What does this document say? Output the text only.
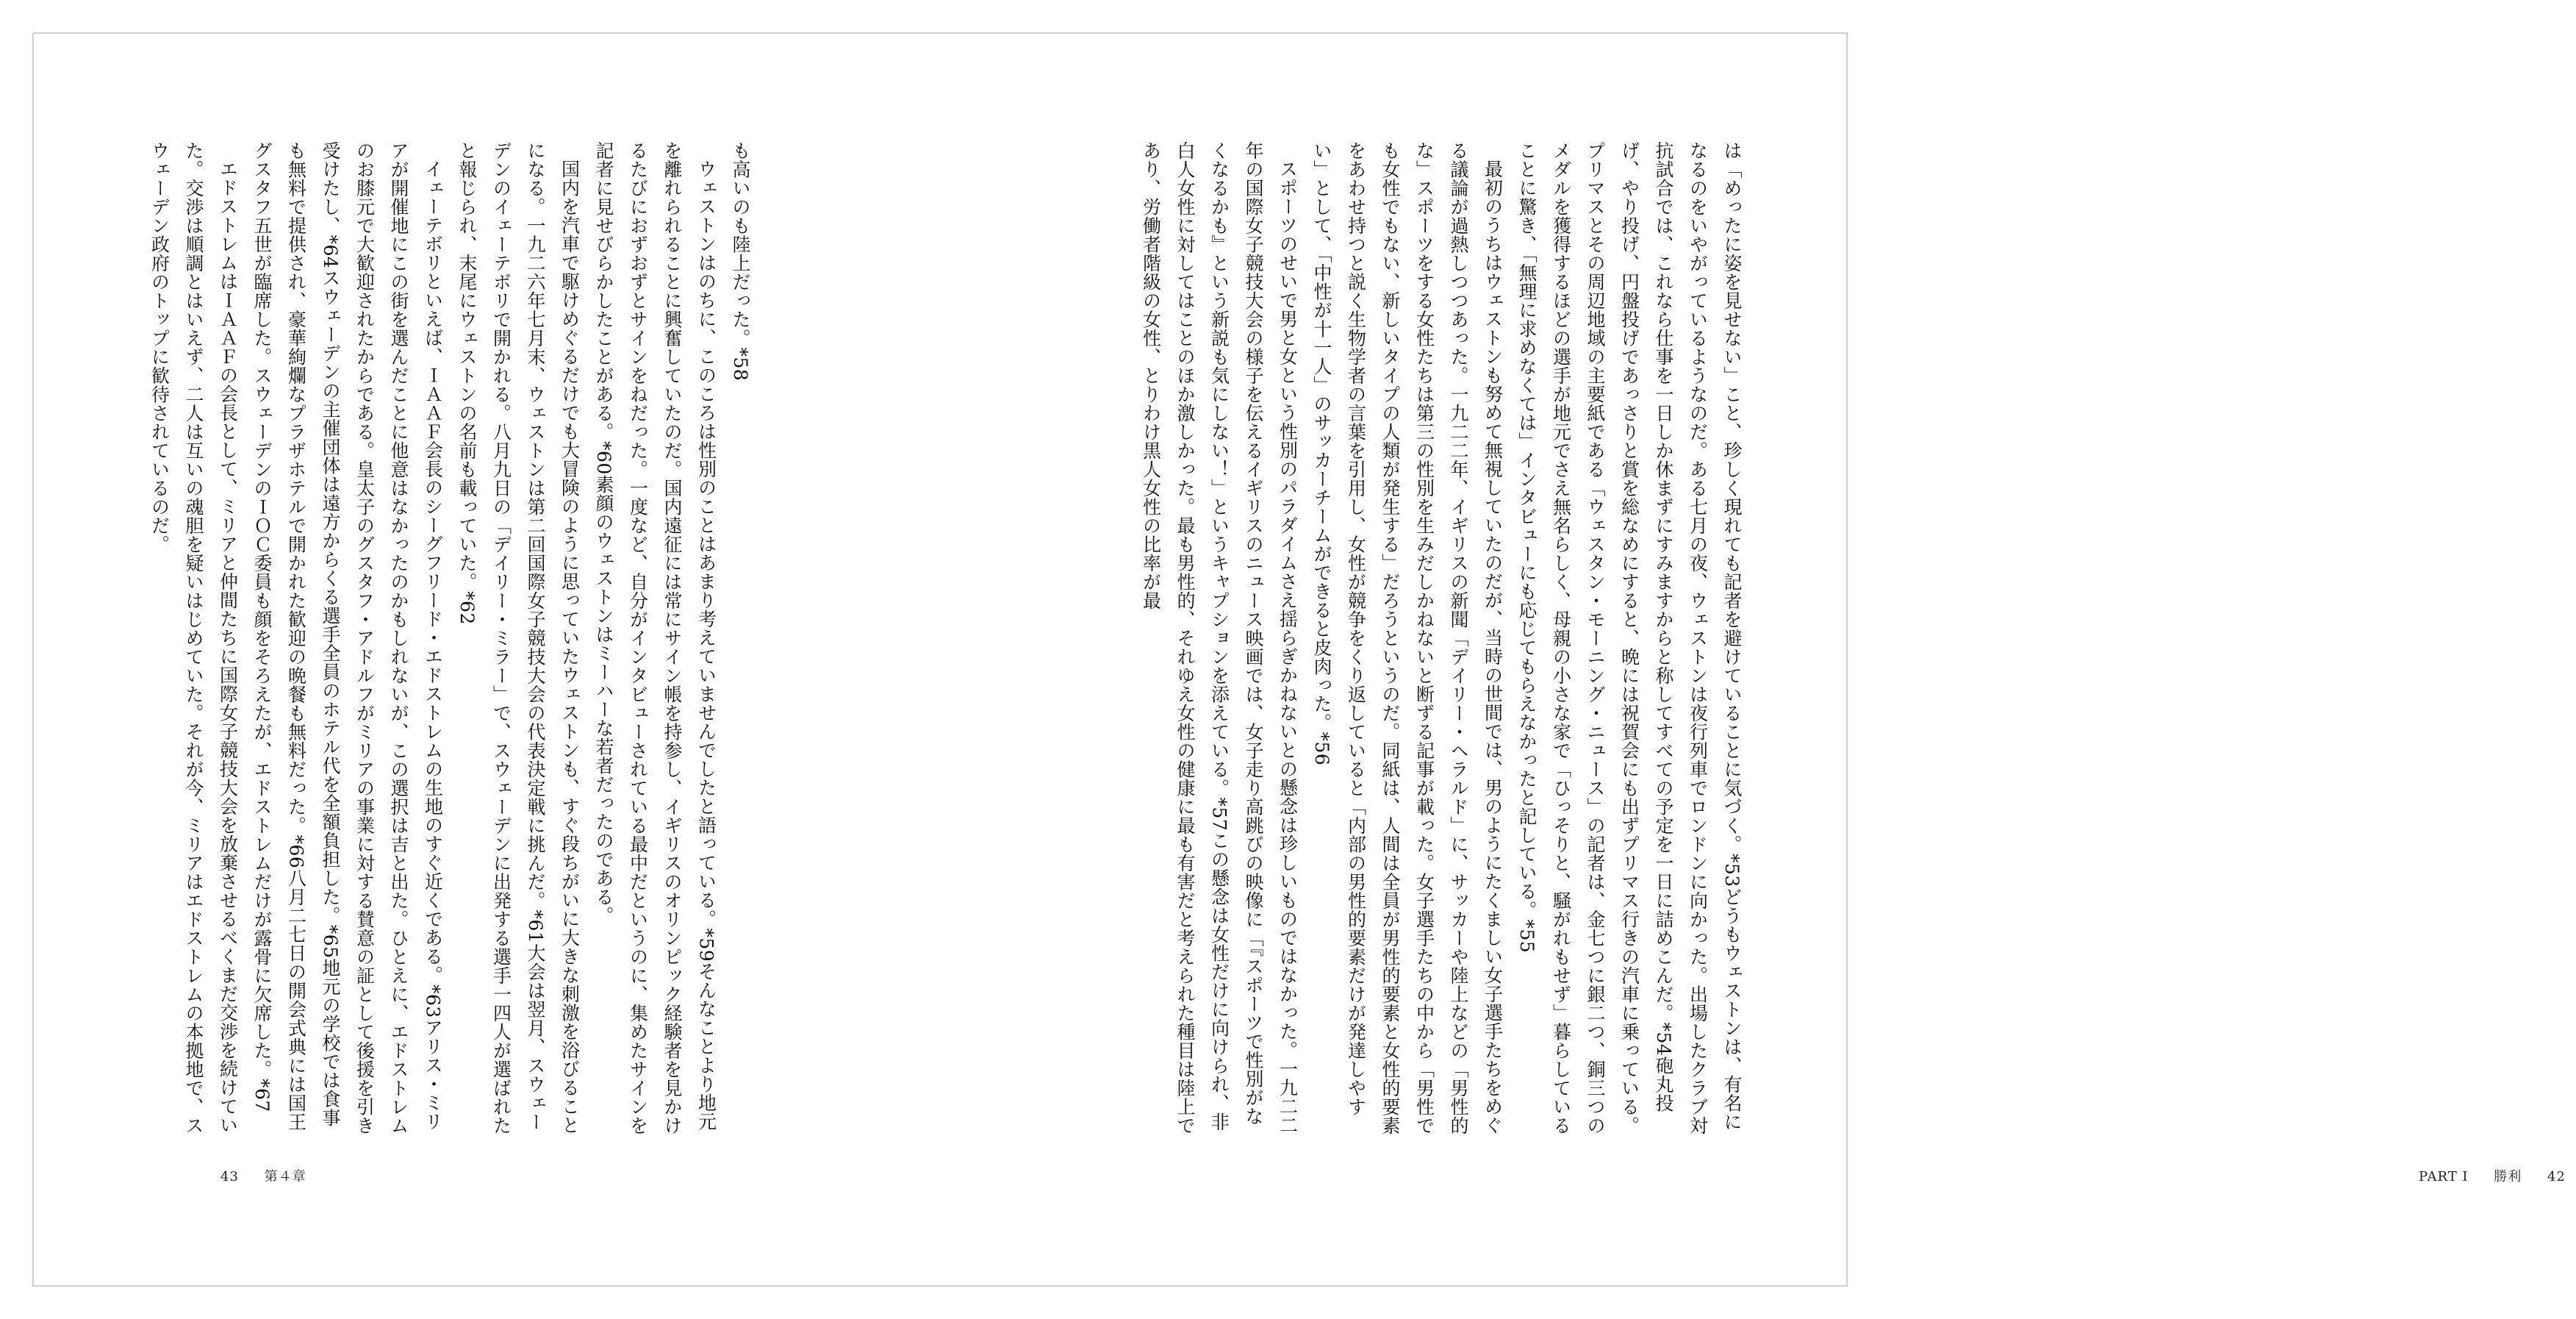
も高いのも陸上だった。*58

ウェストンはのちに、このころは性別のことはあまり考えていませんでしたと語っている。*59そんなことより地元を離れられることに興奮していたのだ。国内遠征には常にサイン帳を持参し、イギリスのオリンピック経験者を見かけるたびにおずおずとサインをねだった。一度など、自分がインタビューされている最中だというのに、集めたサインを記者に見せびらかしたことがある。*60素顔のウェストンはミーハーな若者だったのである。

国内を汽車で駆けめぐるだけでも大冒険のように思っていたウェストンも、すぐ段ちがいに大きな刺激を浴びることになる。一九二六年七月末、ウェストンは第二回国際女子競技大会の代表決定戦に挑んだ。*61大会は翌月、スウェーデンのイェーテボリで開かれる。八月九日の「デイリー・ミラー」で、スウェーデンに出発する選手一四人が選ばれたと報じられ、末尾にウェストンの名前も載っていた。*62

イェーテボリといえば、ＩＡＡＦ会長のシーグフリード・エドストレムの生地のすぐ近くである。*63アリス・ミリアが開催地にこの街を選んだことに他意はなかったのかもしれないが、この選択は吉と出た。ひとえに、エドストレムのお膝元で大歓迎されたからである。皇太子のグスタフ・アドルフがミリアの事業に対する賛意の証として後援を引き受けたし、*64スウェーデンの主催団体は遠方からくる選手全員のホテル代を全額負担した。*65地元の学校では食事も無料で提供され、豪華絢爛なプラザホテルで開かれた歓迎の晩餐も無料だった。*66八月二七日の開会式典には国王グスタフ五世が臨席した。スウェーデンのＩＯＣ委員も顔をそろえたが、エドストレムだけが露骨に欠席した。*67

エドストレムはＩＡＡＦの会長として、ミリアと仲間たちに国際女子競技大会を放棄させるべくまだ交渉を続けていた。交渉は順調とはいえず、二人は互いの魂胆を疑いはじめていた。それが今、ミリアはエドストレムの本拠地で、スウェーデン政府のトップに歓待されているのだ。

43 第４章

は「めったに姿を見せない」こと、珍しく現れても記者を避けていることに気づく。*53どうもウェストンは、有名になるのをいやがっているようなのだ。ある七月の夜、ウェストンは夜行列車でロンドンに向かった。出場したクラブ対抗試合では、これなら仕事を一日しか休まずにすみますからと称してすべての予定を一日に詰めこんだ。*54砲丸投げ、やり投げ、円盤投げであっさりと賞を総なめにすると、晩には祝賀会にも出ずプリマス行きの汽車に乗っている。プリマスとその周辺地域の主要紙である「ウェスタン・モーニング・ニュース」の記者は、金七つに銀二つ、銅三つのメダルを獲得するほどの選手が地元でさえ無名らしく、母親の小さな家で「ひっそりと、騒がれもせず」暮らしていることに驚き、「無理に求めなくては」インタビューにも応じてもらえなかったと記している。*55

最初のうちはウェストンも努めて無視していたのだが、当時の世間では、男のようにたくましい女子選手たちをめぐる議論が過熱しつつあった。一九二二年、イギリスの新聞「デイリー・ヘラルド」に、サッカーや陸上などの「男性的な」スポーツをする女性たちは第三の性別を生みだしかねないと断ずる記事が載った。女子選手たちの中から「男性でも女性でもない、新しいタイプの人類が発生する」だろうというのだ。同紙は、人間は全員が男性的要素と女性的要素をあわせ持つと説く生物学者の言葉を引用し、女性が競争をくり返していると「内部の男性的要素だけが発達しやすい」として、「中性が十一人」のサッカーチームができると皮肉った。*56

スポーツのせいで男と女という性別のパラダイムさえ揺らぎかねないとの懸念は珍しいものではなかった。一九二二年の国際女子競技大会の様子を伝えるイギリスのニュース映画では、女子走り高跳びの映像に「『スポーツで性別がなくなるかも』という新説も気にしない！」というキャプションを添えている。*57この懸念は女性だけに向けられ、非白人女性に対してはことのほか激しかった。最も男性的、それゆえ女性の健康に最も有害だと考えられた種目は陸上であり、労働者階級の女性、とりわけ黒人女性の比率が最

PART Ⅰ 勝利 42
